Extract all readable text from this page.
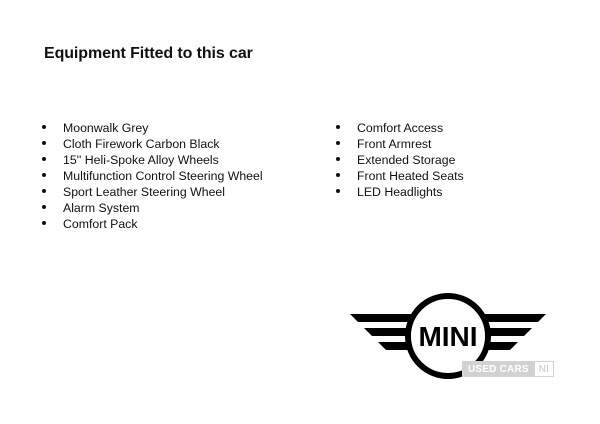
Equipment Fitted to this car
Moonwalk Grey
Cloth Firework Carbon Black
15'' Heli-Spoke Alloy Wheels
Multifunction Control Steering Wheel
Sport Leather Steering Wheel
Alarm System
Comfort Pack
Comfort Access
Front Armrest
Extended Storage
Front Heated Seats
LED Headlights
MINI
USED CARS	NI
